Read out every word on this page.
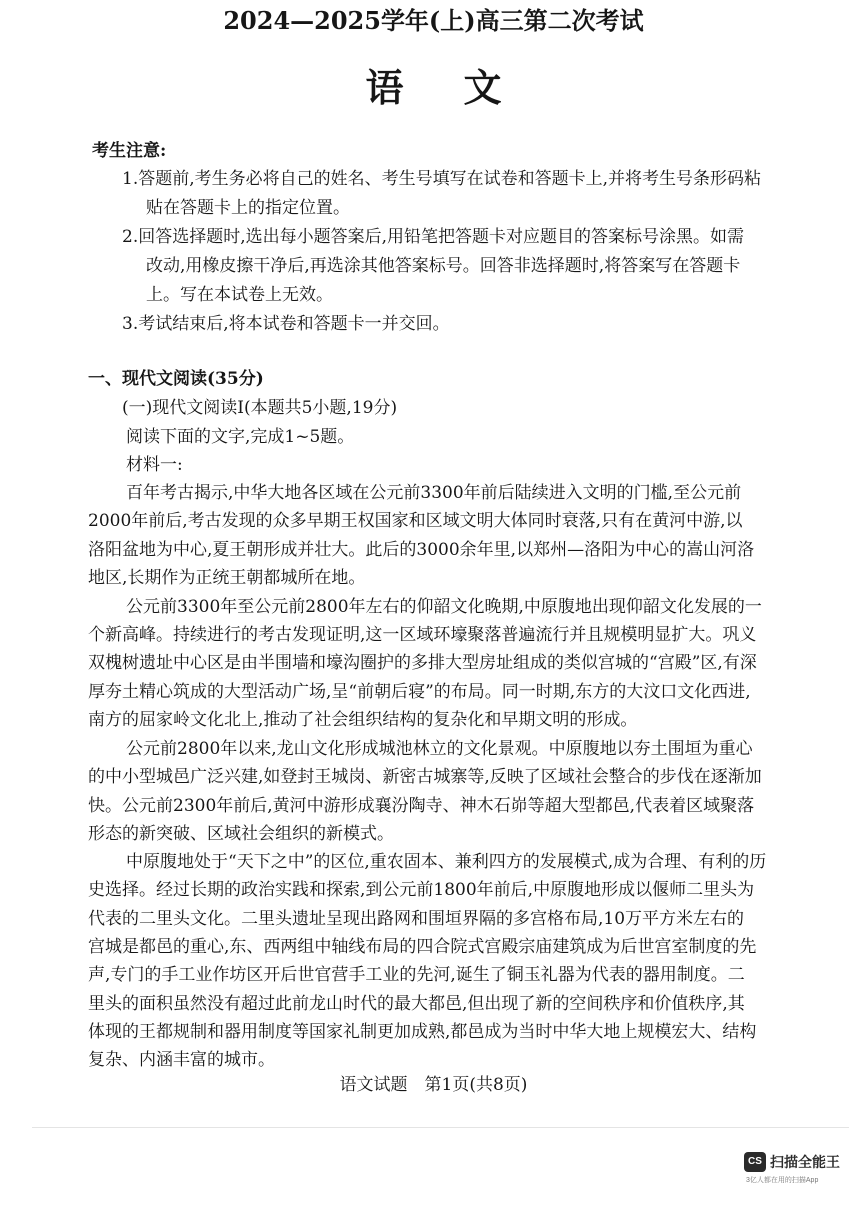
2024—2025学年(上)高三第二次考试
语文
考生注意:
1.答题前,考生务必将自己的姓名、考生号填写在试卷和答题卡上,并将考生号条形码粘
贴在答题卡上的指定位置。
2.回答选择题时,选出每小题答案后,用铅笔把答题卡对应题目的答案标号涂黑。如需
改动,用橡皮擦干净后,再选涂其他答案标号。回答非选择题时,将答案写在答题卡
上。写在本试卷上无效。
3.考试结束后,将本试卷和答题卡一并交回。
一、现代文阅读(35分)
(一)现代文阅读Ⅰ(本题共5小题,19分)
阅读下面的文字,完成1~5题。
材料一:
百年考古揭示,中华大地各区域在公元前3300年前后陆续进入文明的门槛,至公元前
2000年前后,考古发现的众多早期王权国家和区域文明大体同时衰落,只有在黄河中游,以
洛阳盆地为中心,夏王朝形成并壮大。此后的3000余年里,以郑州—洛阳为中心的嵩山河洛
地区,长期作为正统王朝都城所在地。
公元前3300年至公元前2800年左右的仰韶文化晚期,中原腹地出现仰韶文化发展的一
个新高峰。持续进行的考古发现证明,这一区域环壕聚落普遍流行并且规模明显扩大。巩义
双槐树遗址中心区是由半围墙和壕沟圈护的多排大型房址组成的类似宫城的“宫殿”区,有深
厚夯土精心筑成的大型活动广场,呈“前朝后寝”的布局。同一时期,东方的大汶口文化西进,
南方的屈家岭文化北上,推动了社会组织结构的复杂化和早期文明的形成。
公元前2800年以来,龙山文化形成城池林立的文化景观。中原腹地以夯土围垣为重心
的中小型城邑广泛兴建,如登封王城岗、新密古城寨等,反映了区域社会整合的步伐在逐渐加
快。公元前2300年前后,黄河中游形成襄汾陶寺、神木石峁等超大型都邑,代表着区域聚落
形态的新突破、区域社会组织的新模式。
中原腹地处于“天下之中”的区位,重农固本、兼利四方的发展模式,成为合理、有利的历
史选择。经过长期的政治实践和探索,到公元前1800年前后,中原腹地形成以偃师二里头为
代表的二里头文化。二里头遗址呈现出路网和围垣界隔的多宫格布局,10万平方米左右的
宫城是都邑的重心,东、西两组中轴线布局的四合院式宫殿宗庙建筑成为后世宫室制度的先
声,专门的手工业作坊区开后世官营手工业的先河,诞生了铜玉礼器为代表的器用制度。二
里头的面积虽然没有超过此前龙山时代的最大都邑,但出现了新的空间秩序和价值秩序,其
体现的王都规制和器用制度等国家礼制更加成熟,都邑成为当时中华大地上规模宏大、结构
复杂、内涵丰富的城市。
语文试题　第1页(共8页)
CS 扫描全能王
3亿人都在用的扫描App
